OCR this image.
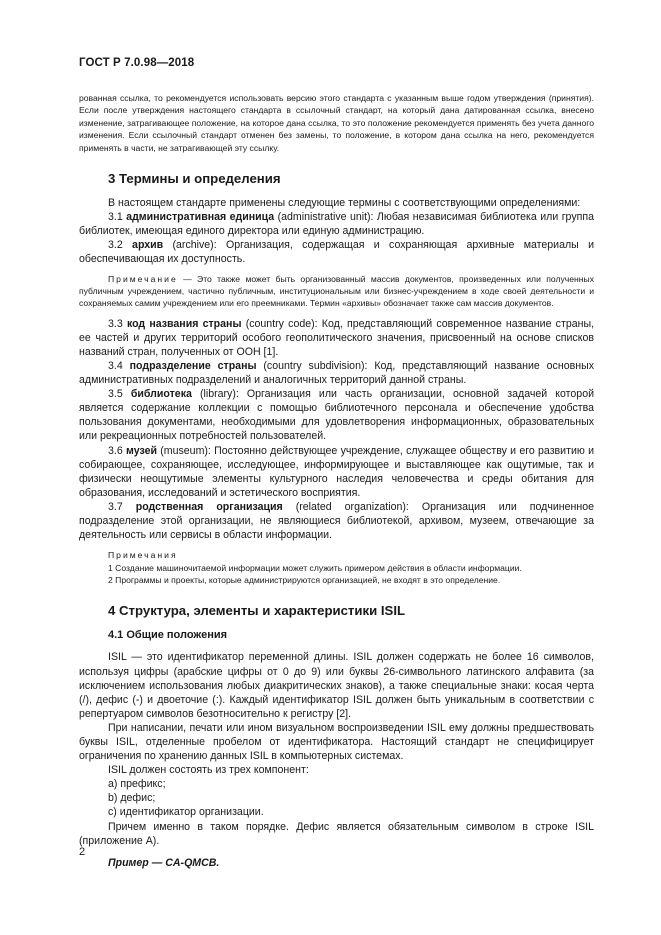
ГОСТ Р 7.0.98—2018

рованная ссылка, то рекомендуется использовать версию этого стандарта с указанным выше годом утверждения (принятия). Если после утверждения настоящего стандарта в ссылочный стандарт, на который дана датированная ссылка, внесено изменение, затрагивающее положение, на которое дана ссылка, то это положение рекомендуется применять без учета данного изменения. Если ссылочный стандарт отменен без замены, то положение, в котором дана ссылка на него, рекомендуется применять в части, не затрагивающей эту ссылку.

3 Термины и определения

В настоящем стандарте применены следующие термины с соответствующими определениями:

3.1 административная единица (administrative unit): Любая независимая библиотека или группа библиотек, имеющая единого директора или единую администрацию.

3.2 архив (archive): Организация, содержащая и сохраняющая архивные материалы и обеспечивающая их доступность.

Примечание — Это также может быть организованный массив документов, произведенных или полученных публичным учреждением, частично публичным, институциональным или бизнес-учреждением в ходе своей деятельности и сохраняемых самим учреждением или его преемниками. Термин «архивы» обозначает также сам массив документов.

3.3 код названия страны (country code): Код, представляющий современное название страны, ее частей и других территорий особого геополитического значения, присвоенный на основе списков названий стран, полученных от ООН [1].

3.4 подразделение страны (country subdivision): Код, представляющий название основных административных подразделений и аналогичных территорий данной страны.

3.5 библиотека (library): Организация или часть организации, основной задачей которой является содержание коллекции с помощью библиотечного персонала и обеспечение удобства пользования документами, необходимыми для удовлетворения информационных, образовательных или рекреационных потребностей пользователей.

3.6 музей (museum): Постоянно действующее учреждение, служащее обществу и его развитию и собирающее, сохраняющее, исследующее, информирующее и выставляющее как ощутимые, так и физически неощутимые элементы культурного наследия человечества и среды обитания для образования, исследований и эстетического восприятия.

3.7 родственная организация (related organization): Организация или подчиненное подразделение этой организации, не являющиеся библиотекой, архивом, музеем, отвечающие за деятельность или сервисы в области информации.

Примечания

1 Создание машиночитаемой информации может служить примером действия в области информации.

2 Программы и проекты, которые администрируются организацией, не входят в это определение.

4 Структура, элементы и характеристики ISIL
4.1 Общие положения

ISIL — это идентификатор переменной длины. ISIL должен содержать не более 16 символов, используя цифры (арабские цифры от 0 до 9) или буквы 26-символьного латинского алфавита (за исключением использования любых диакритических знаков), а также специальные знаки: косая черта (/), дефис (-) и двоеточие (:). Каждый идентификатор ISIL должен быть уникальным в соответствии с репертуаром символов безотносительно к регистру [2].

При написании, печати или ином визуальном воспроизведении ISIL ему должны предшествовать буквы ISIL, отделенные пробелом от идентификатора. Настоящий стандарт не специфицирует ограничения по хранению данных ISIL в компьютерных системах.

ISIL должен состоять из трех компонент:

a) префикс;

b) дефис;

c) идентификатор организации.

Причем именно в таком порядке. Дефис является обязательным символом в строке ISIL (приложение А).

Пример — CA-QMCB.

2
